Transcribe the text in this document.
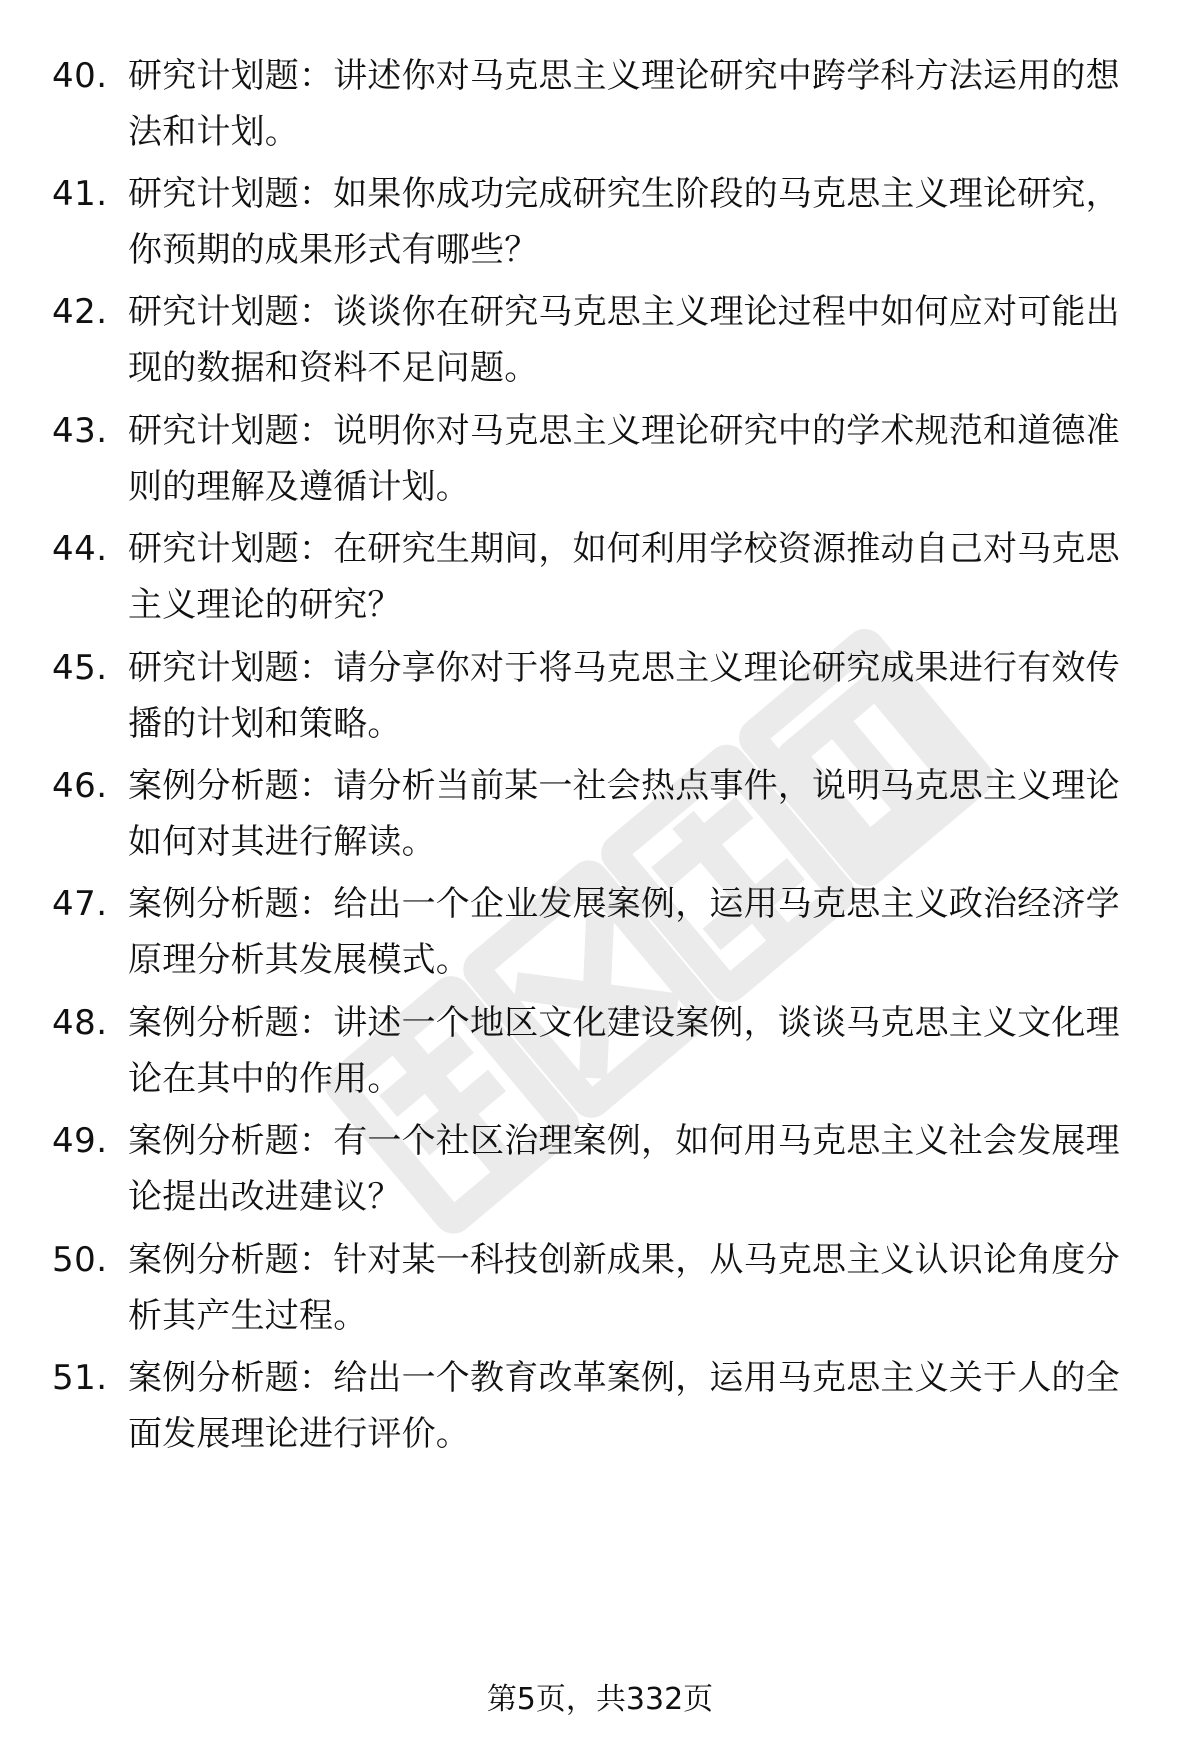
40. 研究计划题：讲述你对马克思主义理论研究中跨学科方法运用的想法和计划。
41. 研究计划题：如果你成功完成研究生阶段的马克思主义理论研究，你预期的成果形式有哪些？
42. 研究计划题：谈谈你在研究马克思主义理论过程中如何应对可能出现的数据和资料不足问题。
43. 研究计划题：说明你对马克思主义理论研究中的学术规范和道德准则的理解及遵循计划。
44. 研究计划题：在研究生期间，如何利用学校资源推动自己对马克思主义理论的研究？
45. 研究计划题：请分享你对于将马克思主义理论研究成果进行有效传播的计划和策略。
46. 案例分析题：请分析当前某一社会热点事件，说明马克思主义理论如何对其进行解读。
47. 案例分析题：给出一个企业发展案例，运用马克思主义政治经济学原理分析其发展模式。
48. 案例分析题：讲述一个地区文化建设案例，谈谈马克思主义文化理论在其中的作用。
49. 案例分析题：有一个社区治理案例，如何用马克思主义社会发展理论提出改进建议？
50. 案例分析题：针对某一科技创新成果，从马克思主义认识论角度分析其产生过程。
51. 案例分析题：给出一个教育改革案例，运用马克思主义关于人的全面发展理论进行评价。
第5页，共332页
